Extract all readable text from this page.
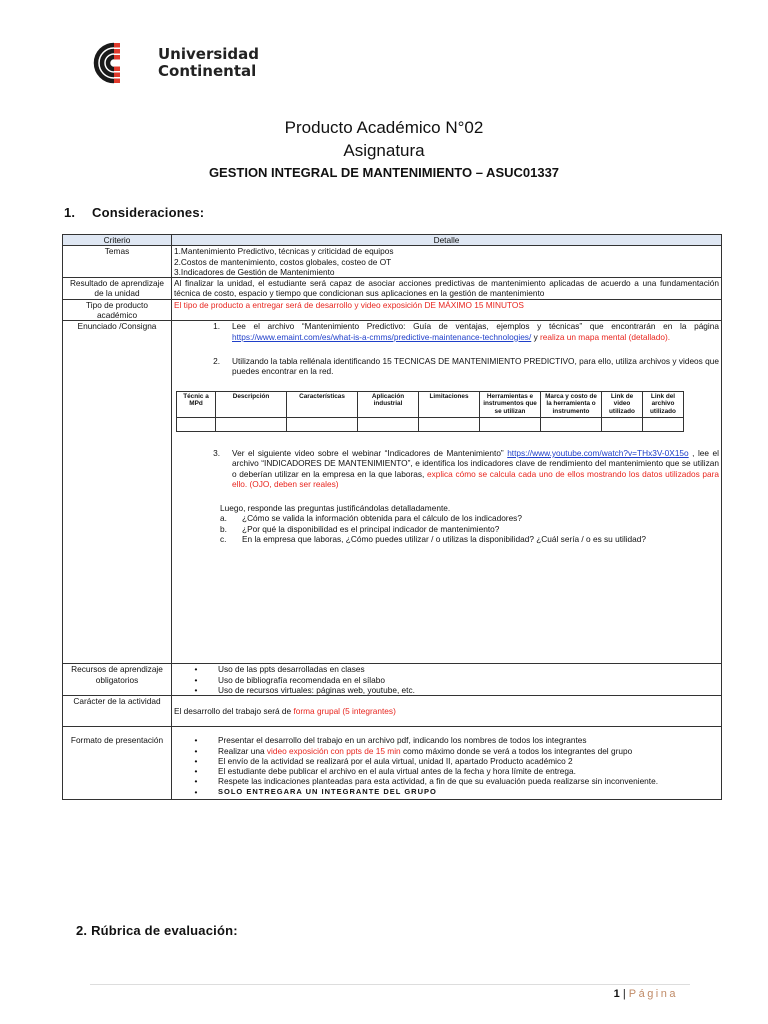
Universidad
Continental
Producto Académico N°02
Asignatura
GESTION INTEGRAL DE MANTENIMIENTO – ASUC01337
1. Consideraciones:
Criterio	Detalle
Temas	1.Mantenimiento Predictivo, técnicas y criticidad de equipos
2.Costos de mantenimiento, costos globales, costeo de OT
3.Indicadores de Gestión de Mantenimiento

Resultado de aprendizaje de la unidad	Al finalizar la unidad, el estudiante será capaz de asociar acciones predictivas de mantenimiento aplicadas de acuerdo a una fundamentación técnica de costo, espacio y tiempo que condicionan sus aplicaciones en la gestión de mantenimiento
Tipo de producto académico	El tipo de producto a entregar será de desarrollo y video exposición DE MÁXIMO 15 MINUTOS
Enunciado /Consigna	1.	Lee el archivo “Mantenimiento Predictivo: Guía de ventajas, ejemplos y técnicas” que encontrarán en la página https://www.emaint.com/es/what-is-a-cmms/predictive-maintenance-technologies/ y realiza un mapa mental (detallado).
2.	Utilizando la tabla rellénala identificando 15 TECNICAS DE MANTENIMIENTO PREDICTIVO, para ello, utiliza archivos y videos que puedes encontrar en la red.
Técnic a MPd	Descripción	Características	Aplicación industrial	Limitaciones	Herramientas e instrumentos que se utilizan	Marca y costo de la herramienta o instrumento	Link de video utilizado	Link del archivo utilizado

3.	Ver el siguiente video sobre el webinar “Indicadores de Mantenimiento” https://www.youtube.com/watch?v=THx3V-0X15o , lee el archivo “INDICADORES DE MANTENIMIENTO”, e identifica los indicadores clave de rendimiento del mantenimiento que se utilizan o deberían utilizar en la empresa en la que laboras, explica cómo se calcula cada uno de ellos mostrando los datos utilizados para ello. (OJO, deben ser reales)
Luego, responde las preguntas justificándolas detalladamente.
a.	¿Cómo se valida la información obtenida para el cálculo de los indicadores?
b.	¿Por qué la disponibilidad es el principal indicador de mantenimiento?
c.	En la empresa que laboras, ¿Cómo puedes utilizar / o utilizas la disponibilidad? ¿Cuál sería / o es su utilidad?

Recursos de aprendizaje obligatorios	
•	Uso de las ppts desarrolladas en clases
•	Uso de bibliografía recomendada en el sílabo
•	Uso de recursos virtuales: páginas web, youtube, etc.

Carácter de la actividad	El desarrollo del trabajo será de forma grupal (5 integrantes)
Formato de presentación	•	Presentar el desarrollo del trabajo en un archivo pdf, indicando los nombres de todos los integrantes
•	Realizar una video exposición con ppts de 15 min como máximo donde se verá a todos los integrantes del grupo
•	El envío de la actividad se realizará por el aula virtual, unidad II, apartado Producto académico 2
•	El estudiante debe publicar el archivo en el aula virtual antes de la fecha y hora límite de entrega.
•	Respete las indicaciones planteadas para esta actividad, a fin de que su evaluación pueda realizarse sin inconveniente.
•	SOLO ENTREGARA UN INTEGRANTE DEL GRUPO
2. Rúbrica de evaluación:
1 | Página
